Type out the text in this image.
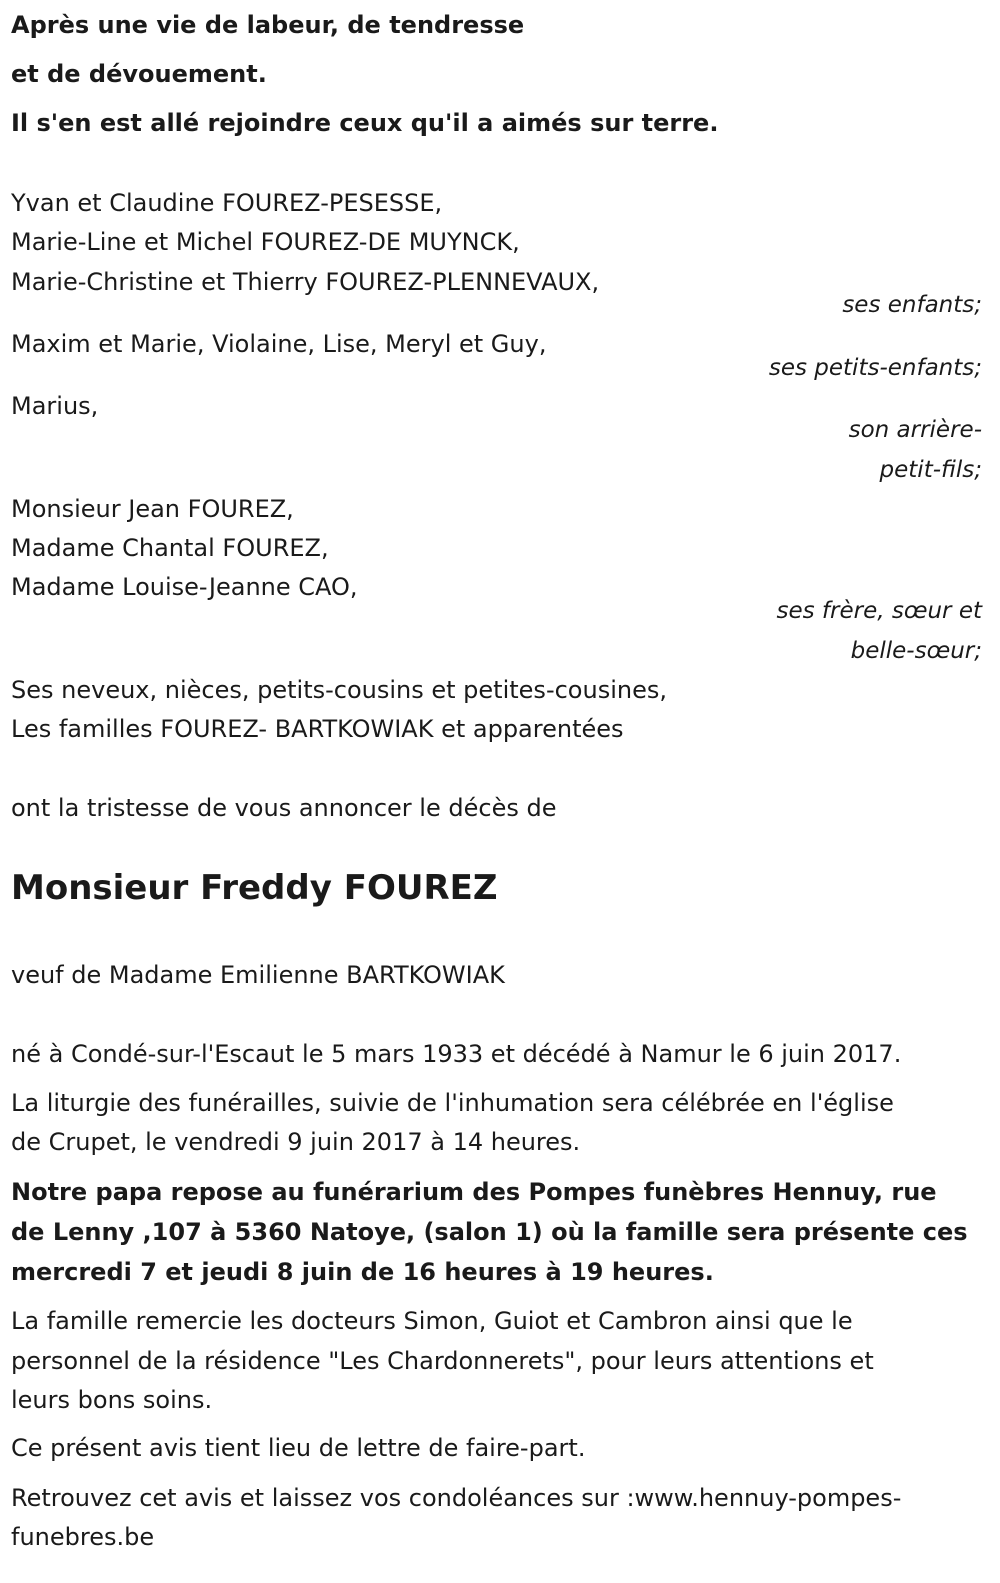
Après une vie de labeur, de tendresse

et de dévouement.

Il s'en est allé rejoindre ceux qu'il a aimés sur terre.

Yvan et Claudine FOUREZ-PESESSE,

Marie-Line et Michel FOUREZ-DE MUYNCK,

Marie-Christine et Thierry FOUREZ-PLENNEVAUX,

ses enfants;

Maxim et Marie, Violaine, Lise, Meryl et Guy,

ses petits-enfants;

Marius,

son arrière-

petit-fils;

Monsieur Jean FOUREZ,

Madame Chantal FOUREZ,

Madame Louise-Jeanne CAO,

ses frère, sœur et

belle-sœur;

Ses neveux, nièces, petits-cousins et petites-cousines,

Les familles FOUREZ- BARTKOWIAK et apparentées

ont la tristesse de vous annoncer le décès de

Monsieur Freddy FOUREZ

veuf de Madame Emilienne BARTKOWIAK

né à Condé-sur-l'Escaut le 5 mars 1933 et décédé à Namur le 6 juin 2017.

La liturgie des funérailles, suivie de l'inhumation sera célébrée en l'église

de Crupet, le vendredi 9 juin 2017 à 14 heures.

Notre papa repose au funérarium des Pompes funèbres Hennuy, rue

de Lenny ,107 à 5360 Natoye, (salon 1) où la famille sera présente ces

mercredi 7 et jeudi 8 juin de 16 heures à 19 heures.

La famille remercie les docteurs Simon, Guiot et Cambron ainsi que le

personnel de la résidence "Les Chardonnerets", pour leurs attentions et

leurs bons soins.

Ce présent avis tient lieu de lettre de faire-part.

Retrouvez cet avis et laissez vos condoléances sur :www.hennuy-pompes-

funebres.be
